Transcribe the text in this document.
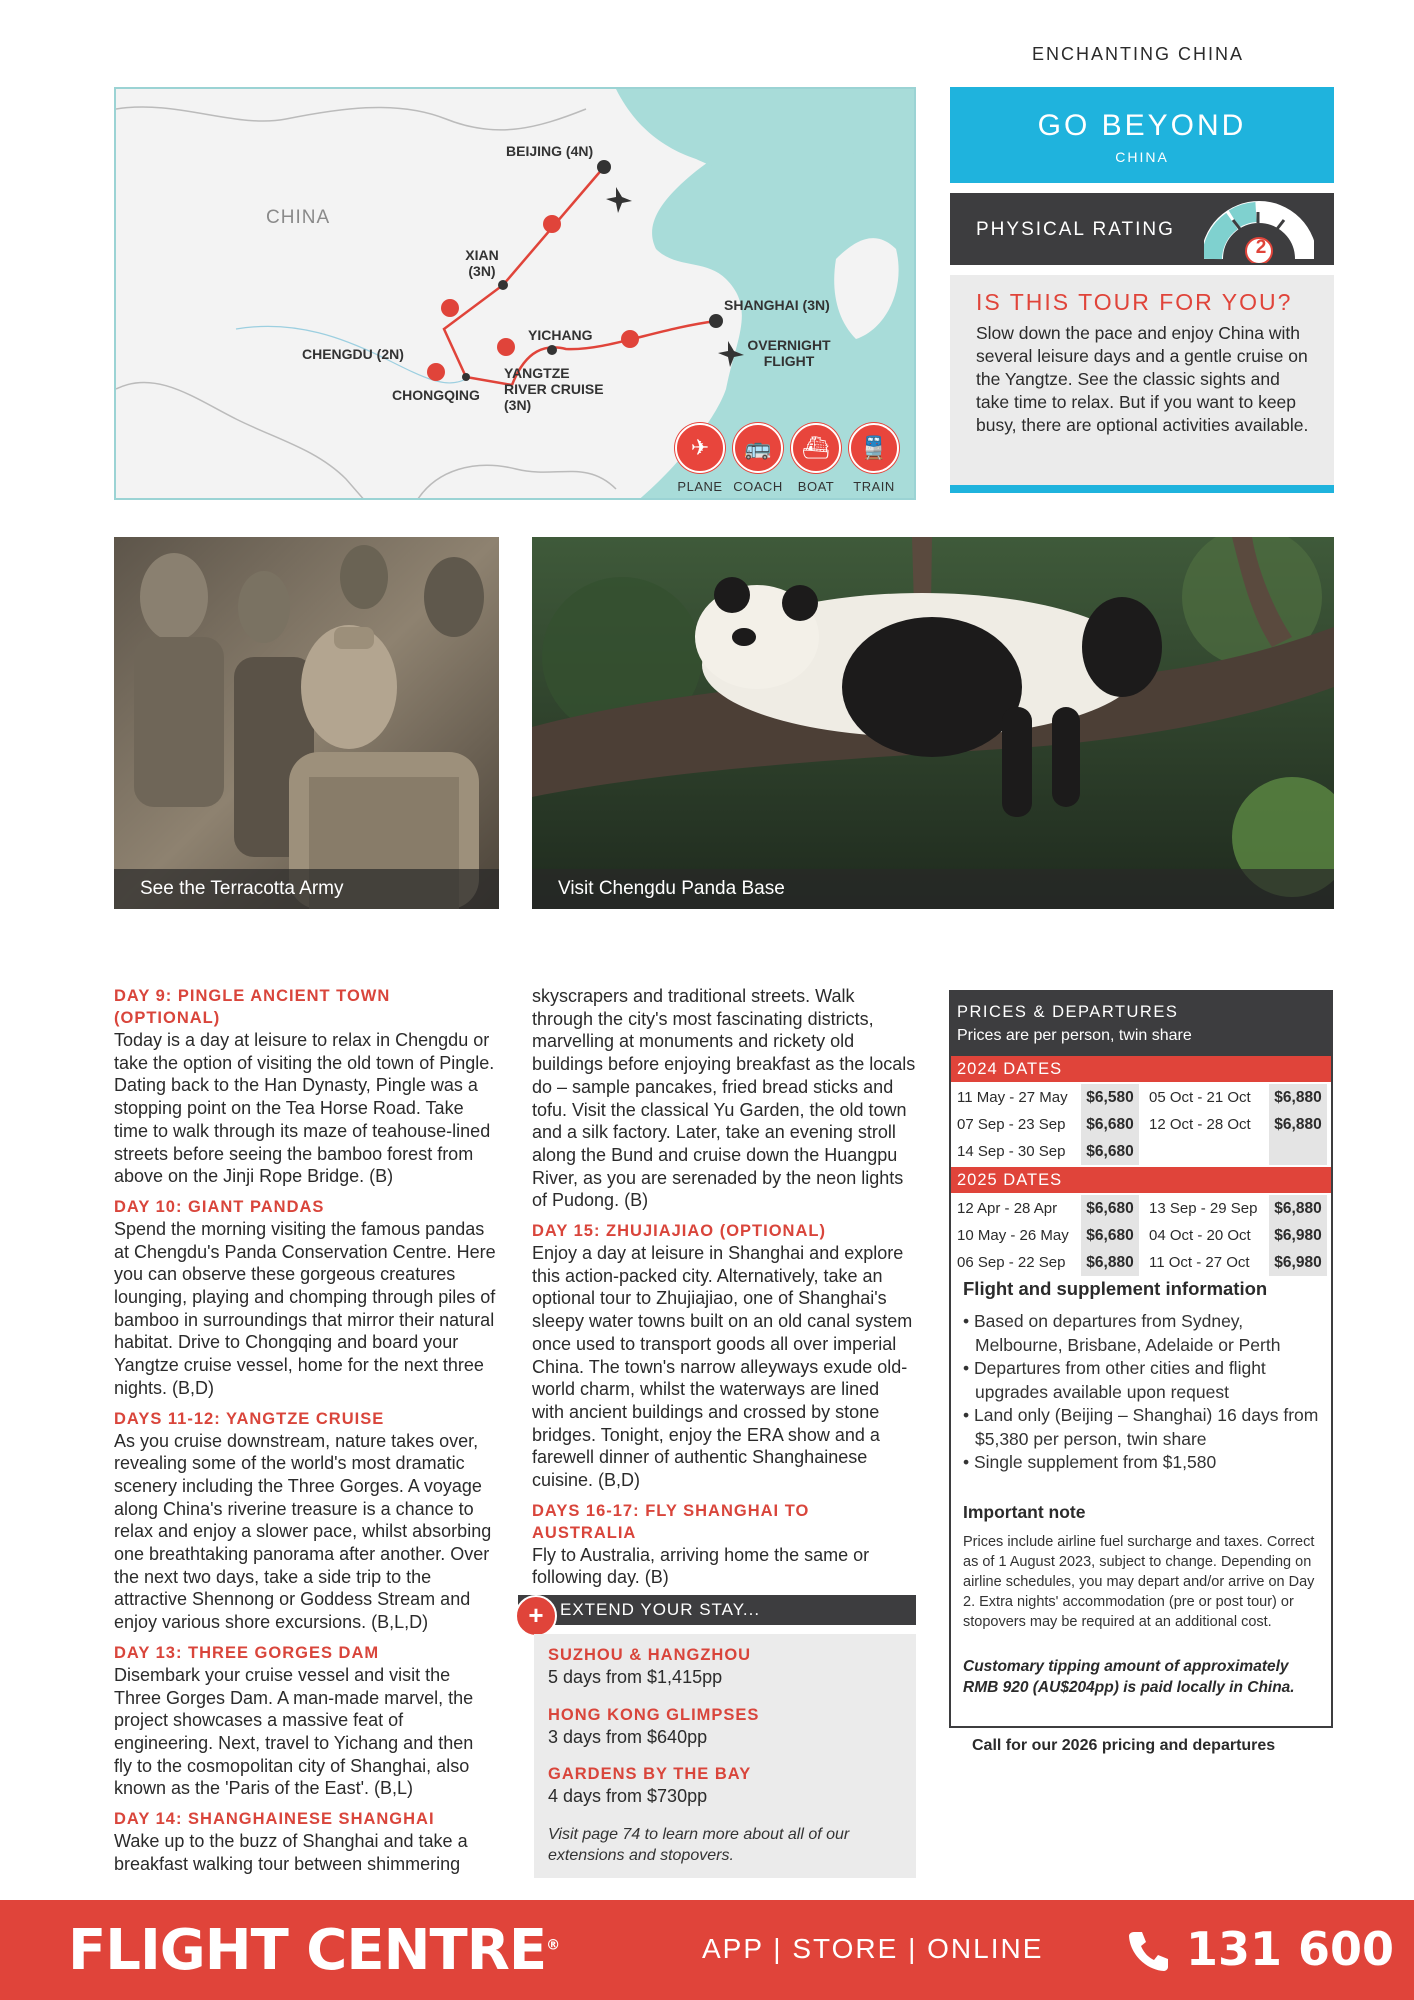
ENCHANTING CHINA
CHINA
BEIJING (4N)
XIAN
(3N)
CHENGDU (2N)
CHONGQING
YICHANG
YANGTZE
RIVER CRUISE
(3N)
SHANGHAI (3N)
OVERNIGHT
FLIGHT
✈
PLANE
🚌
COACH
⛴
BOAT
🚆
TRAIN
GO BEYOND
CHINA
PHYSICAL RATING
2
IS THIS TOUR FOR YOU?
Slow down the pace and enjoy China with several leisure days and a gentle cruise on the Yangtze. See the classic sights and take time to relax. But if you want to keep busy, there are optional activities available.
See the Terracotta Army	Visit Chengdu Panda Base
DAY 9: PINGLE ANCIENT TOWN (OPTIONAL)

Today is a day at leisure to relax in Chengdu or take the option of visiting the old town of Pingle. Dating back to the Han Dynasty, Pingle was a stopping point on the Tea Horse Road. Take time to walk through its maze of teahouse-lined streets before seeing the bamboo forest from above on the Jinji Rope Bridge. (B)

DAY 10: GIANT PANDAS

Spend the morning visiting the famous pandas at Chengdu's Panda Conservation Centre. Here you can observe these gorgeous creatures lounging, playing and chomping through piles of bamboo in surroundings that mirror their natural habitat. Drive to Chongqing and board your Yangtze cruise vessel, home for the next three nights. (B,D)

DAYS 11-12: YANGTZE CRUISE

As you cruise downstream, nature takes over, revealing some of the world's most dramatic scenery including the Three Gorges. A voyage along China's riverine treasure is a chance to relax and enjoy a slower pace, whilst absorbing one breathtaking panorama after another. Over the next two days, take a side trip to the attractive Shennong or Goddess Stream and enjoy various shore excursions. (B,L,D)

DAY 13: THREE GORGES DAM

Disembark your cruise vessel and visit the Three Gorges Dam. A man-made marvel, the project showcases a massive feat of engineering. Next, travel to Yichang and then fly to the cosmopolitan city of Shanghai, also known as the 'Paris of the East'. (B,L)

DAY 14: SHANGHAINESE SHANGHAI

Wake up to the buzz of Shanghai and take a breakfast walking tour between shimmering

skyscrapers and traditional streets. Walk through the city's most fascinating districts, marvelling at monuments and rickety old buildings before enjoying breakfast as the locals do – sample pancakes, fried bread sticks and tofu. Visit the classical Yu Garden, the old town and a silk factory. Later, take an evening stroll along the Bund and cruise down the Huangpu River, as you are serenaded by the neon lights of Pudong. (B)

DAY 15: ZHUJIAJIAO (OPTIONAL)

Enjoy a day at leisure in Shanghai and explore this action-packed city. Alternatively, take an optional tour to Zhujiajiao, one of Shanghai's sleepy water towns built on an old canal system once used to transport goods all over imperial China. The town's narrow alleyways exude old-world charm, whilst the waterways are lined with ancient buildings and crossed by stone bridges. Tonight, enjoy the ERA show and a farewell dinner of authentic Shanghainese cuisine. (B,D)

DAYS 16-17: FLY SHANGHAI TO AUSTRALIA

Fly to Australia, arriving home the same or following day. (B)

EXTEND YOUR STAY...
+
SUZHOU & HANGZHOU
5 days from $1,415pp
HONG KONG GLIMPSES
3 days from $640pp
GARDENS BY THE BAY
4 days from $730pp
Visit page 74 to learn more about all of our extensions and stopovers.
PRICES & DEPARTURES
Prices are per person, twin share
2024 DATES
11 May - 27 May	$6,580	05 Oct - 21 Oct	$6,880
07 Sep - 23 Sep	$6,680	12 Oct - 28 Oct	$6,880
14 Sep - 30 Sep	$6,680
2025 DATES
12 Apr - 28 Apr	$6,680	13 Sep - 29 Sep	$6,880
10 May - 26 May	$6,680	04 Oct - 20 Oct	$6,980
06 Sep - 22 Sep	$6,880	11 Oct - 27 Oct	$6,980
Flight and supplement information
• Based on departures from Sydney, Melbourne, Brisbane, Adelaide or Perth
• Departures from other cities and flight upgrades available upon request
• Land only (Beijing – Shanghai) 16 days from $5,380 per person, twin share
• Single supplement from $1,580
Important note
Prices include airline fuel surcharge and taxes. Correct as of 1 August 2023, subject to change. Depending on airline schedules, you may depart and/or arrive on Day 2. Extra nights' accommodation (pre or post tour) or stopovers may be required at an additional cost.
Customary tipping amount of approximately RMB 920 (AU$204pp) is paid locally in China.
Call for our 2026 pricing and departures
FLIGHT CENTRE®	APP | STORE | ONLINE	131 600
